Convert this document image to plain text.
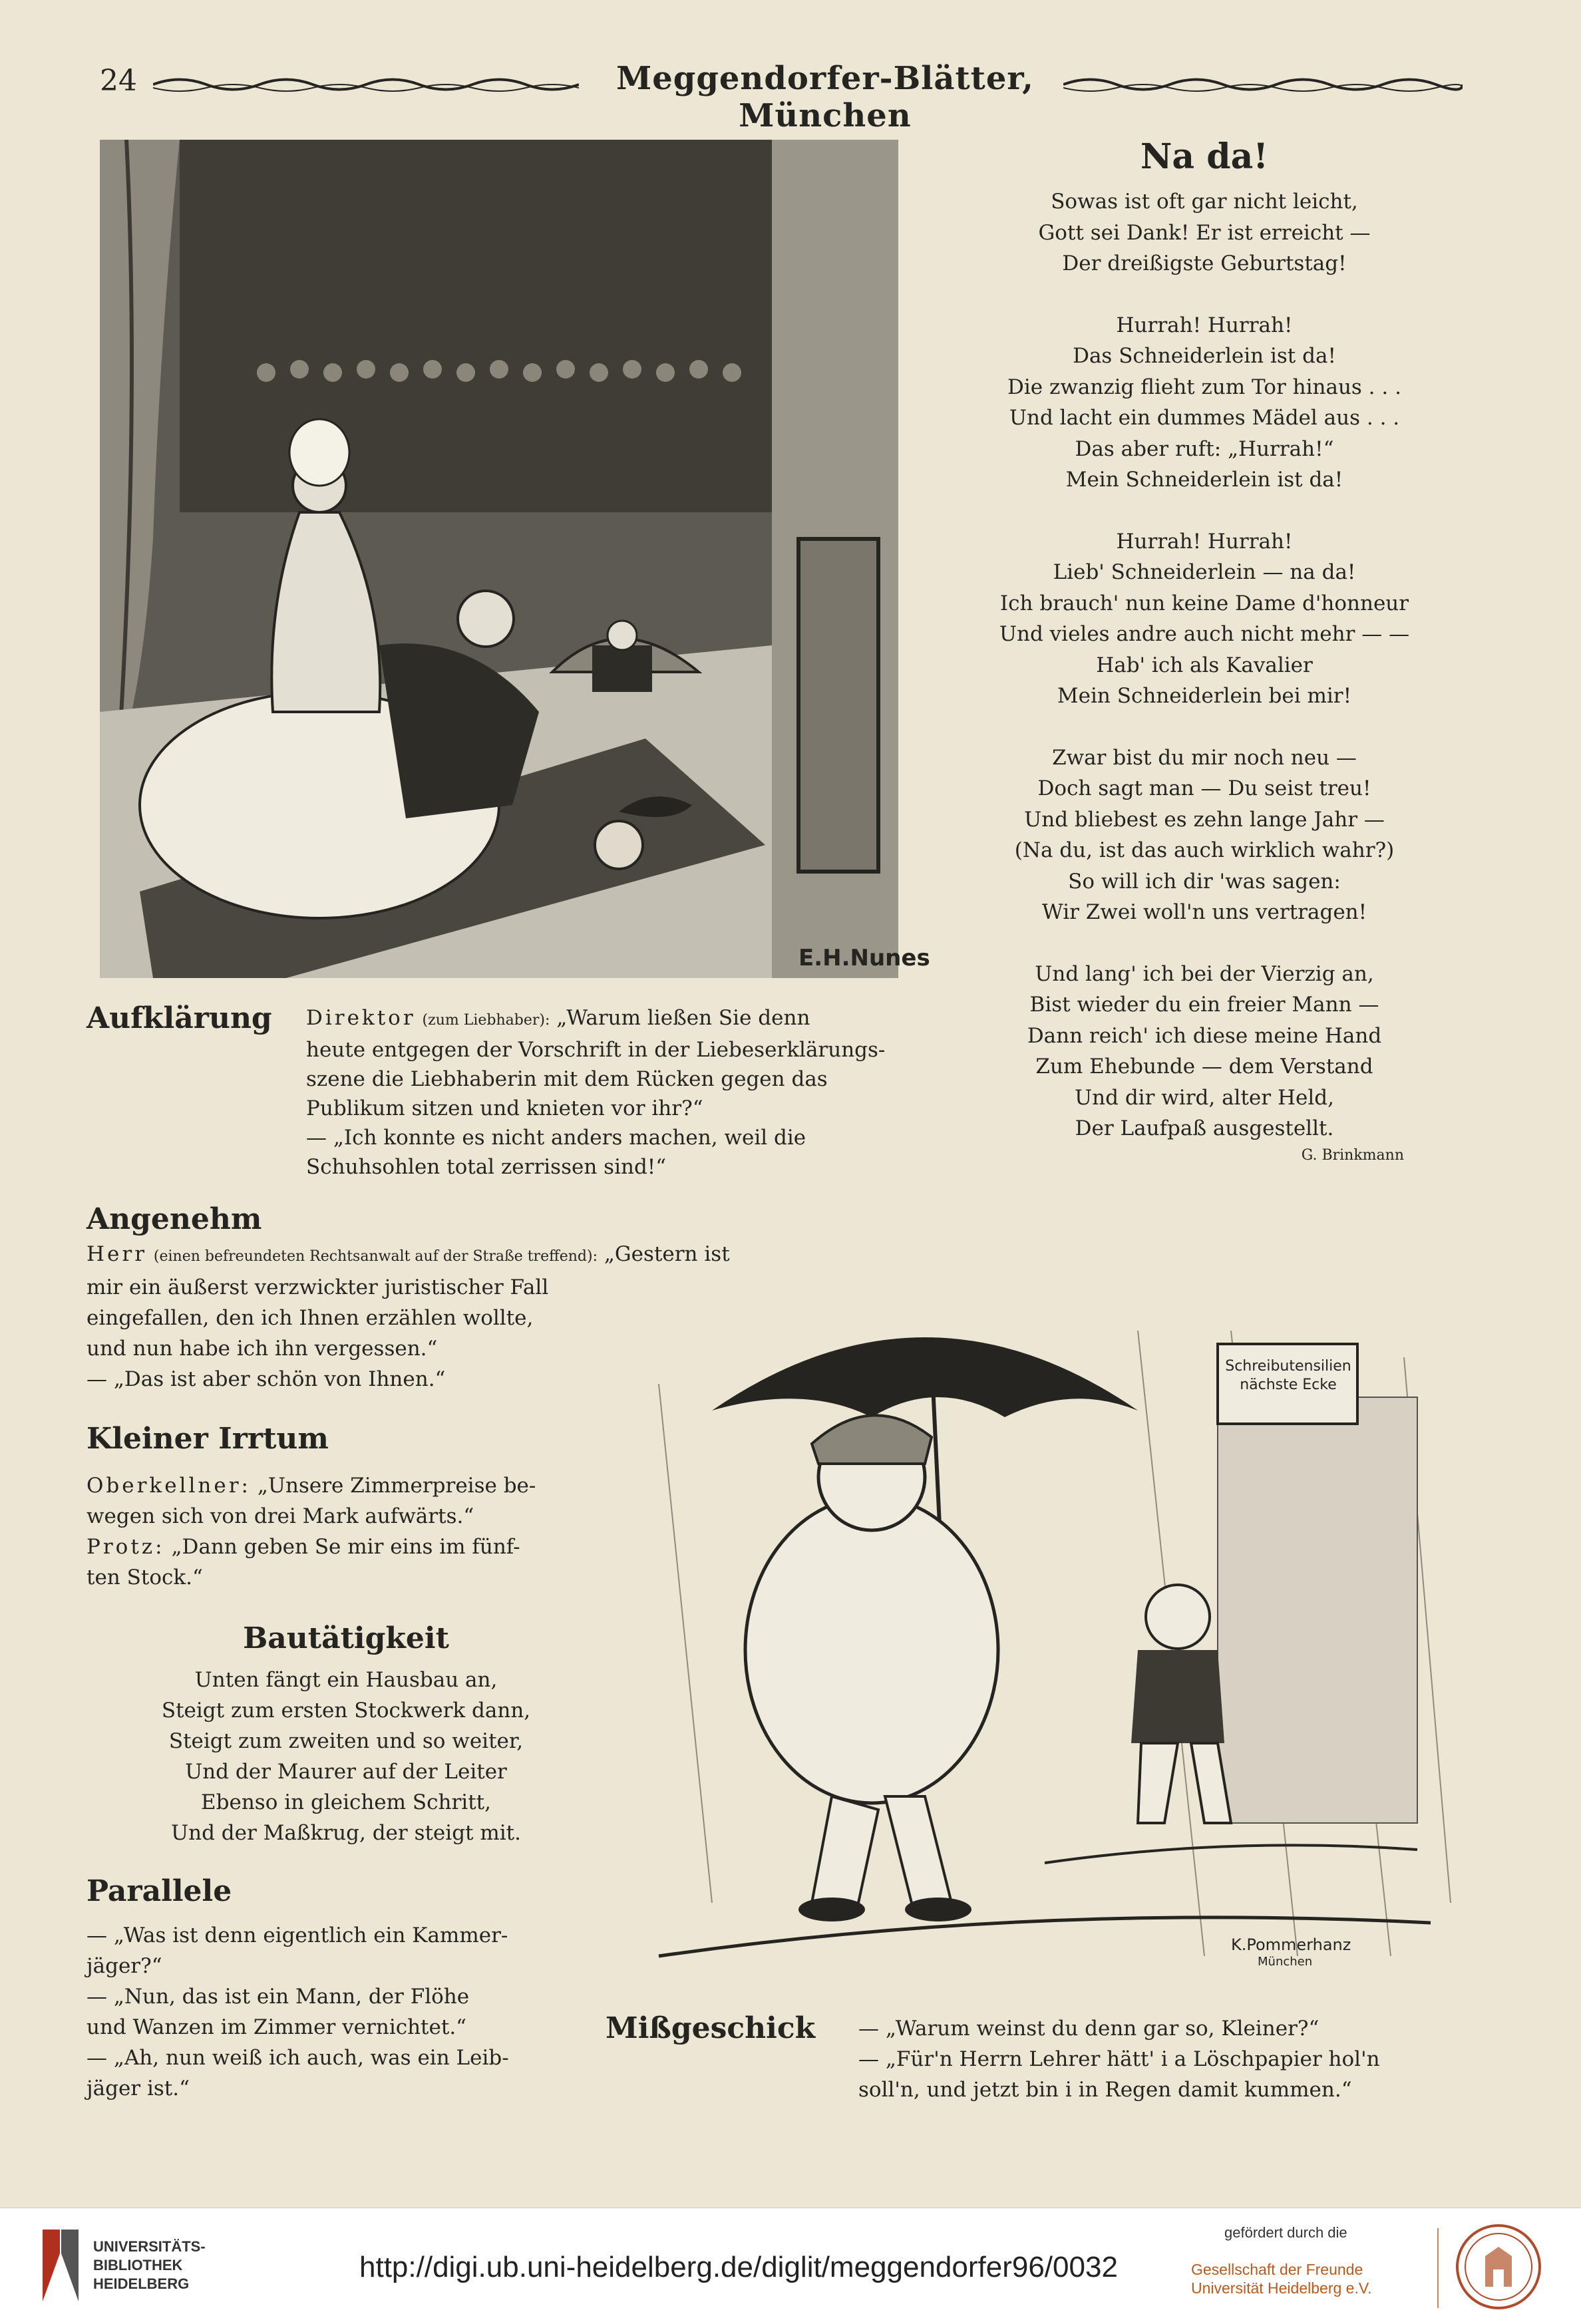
24	Meggendorfer-Blätter, München
E.H.Nunes
Na da!
Sowas ist oft gar nicht leicht,
Gott sei Dank! Er ist erreicht —
Der dreißigste Geburtstag!
Hurrah! Hurrah!
Das Schneiderlein ist da!
Die zwanzig flieht zum Tor hinaus . . .
Und lacht ein dummes Mädel aus . . .
Das aber ruft: „Hurrah!“
Mein Schneiderlein ist da!
Hurrah! Hurrah!
Lieb' Schneiderlein — na da!
Ich brauch' nun keine Dame d'honneur
Und vieles andre auch nicht mehr — —
Hab' ich als Kavalier
Mein Schneiderlein bei mir!
Zwar bist du mir noch neu —
Doch sagt man — Du seist treu!
Und bliebest es zehn lange Jahr —
(Na du, ist das auch wirklich wahr?)
So will ich dir 'was sagen:
Wir Zwei woll'n uns vertragen!
Und lang' ich bei der Vierzig an,
Bist wieder du ein freier Mann —
Dann reich' ich diese meine Hand
Zum Ehebunde — dem Verstand
Und dir wird, alter Held,
Der Laufpaß ausgestellt.
G. Brinkmann
Aufklärung Direktor (zum Liebhaber): „Warum ließen Sie denn
heute entgegen der Vorschrift in der Liebeserklärungs-
szene die Liebhaberin mit dem Rücken gegen das
Publikum sitzen und knieten vor ihr?“
— „Ich konnte es nicht anders machen, weil die
Schuhsohlen total zerrissen sind!“
Angenehm
Herr (einen befreundeten Rechtsanwalt auf der Straße treffend): „Gestern ist
mir ein äußerst verzwickter juristischer Fall
eingefallen, den ich Ihnen erzählen wollte,
und nun habe ich ihn vergessen.“
— „Das ist aber schön von Ihnen.“
Kleiner Irrtum
Oberkellner: „Unsere Zimmerpreise be-
wegen sich von drei Mark aufwärts.“
Protz: „Dann geben Se mir eins im fünf-
ten Stock.“
Bautätigkeit
Unten fängt ein Hausbau an,
Steigt zum ersten Stockwerk dann,
Steigt zum zweiten und so weiter,
Und der Maurer auf der Leiter
Ebenso in gleichem Schritt,
Und der Maßkrug, der steigt mit.
Parallele
— „Was ist denn eigentlich ein Kammer-
jäger?“
— „Nun, das ist ein Mann, der Flöhe
und Wanzen im Zimmer vernichtet.“
— „Ah, nun weiß ich auch, was ein Leib-
jäger ist.“
Schreibutensilien
nächste Ecke
K.Pommerhanz
München
Mißgeschick — „Warum weinst du denn gar so, Kleiner?“
— „Für'n Herrn Lehrer hätt' i a Löschpapier hol'n
soll'n, und jetzt bin i in Regen damit kummen.“
UNIVERSITÄTS-
BIBLIOTHEK
HEIDELBERG
http://digi.ub.uni-heidelberg.de/diglit/meggendorfer96/0032
gefördert durch die
Gesellschaft der Freunde
Universität Heidelberg e.V.
